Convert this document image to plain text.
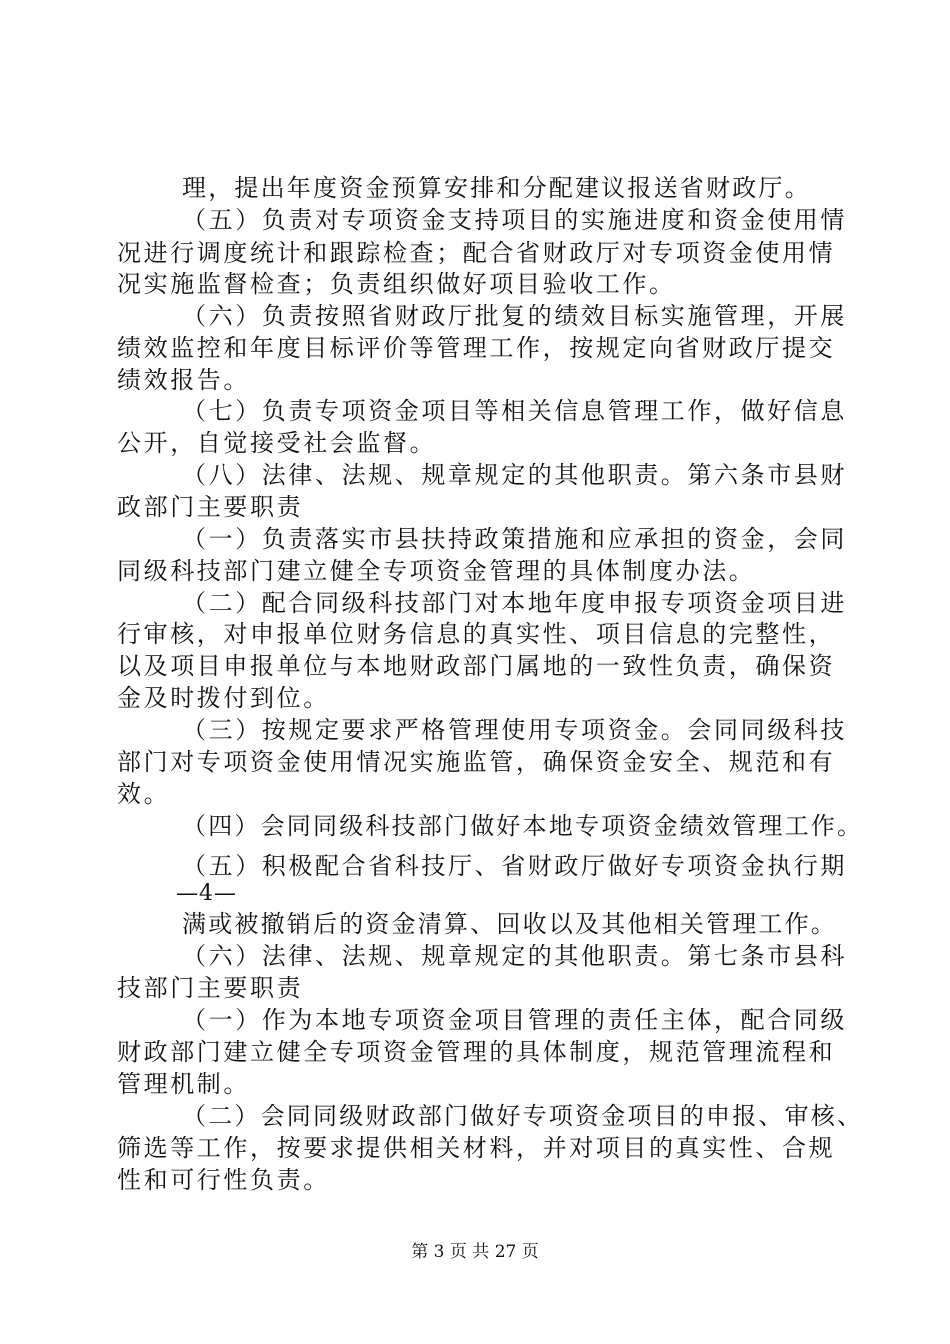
理，提出年度资金预算安排和分配建议报送省财政厅。
（五）负责对专项资金支持项目的实施进度和资金使用情
况进行调度统计和跟踪检查；配合省财政厅对专项资金使用情
况实施监督检查；负责组织做好项目验收工作。
（六）负责按照省财政厅批复的绩效目标实施管理，开展
绩效监控和年度目标评价等管理工作，按规定向省财政厅提交
绩效报告。
（七）负责专项资金项目等相关信息管理工作，做好信息
公开，自觉接受社会监督。
（八）法律、法规、规章规定的其他职责。第六条市县财
政部门主要职责
（一）负责落实市县扶持政策措施和应承担的资金，会同
同级科技部门建立健全专项资金管理的具体制度办法。
（二）配合同级科技部门对本地年度申报专项资金项目进
行审核，对申报单位财务信息的真实性、项目信息的完整性，
以及项目申报单位与本地财政部门属地的一致性负责，确保资
金及时拨付到位。
（三）按规定要求严格管理使用专项资金。会同同级科技
部门对专项资金使用情况实施监管，确保资金安全、规范和有
效。
（四）会同同级科技部门做好本地专项资金绩效管理工作。
（五）积极配合省科技厅、省财政厅做好专项资金执行期
—4—
满或被撤销后的资金清算、回收以及其他相关管理工作。
（六）法律、法规、规章规定的其他职责。第七条市县科
技部门主要职责
（一）作为本地专项资金项目管理的责任主体，配合同级
财政部门建立健全专项资金管理的具体制度，规范管理流程和
管理机制。
（二）会同同级财政部门做好专项资金项目的申报、审核、
筛选等工作，按要求提供相关材料，并对项目的真实性、合规
性和可行性负责。
第 3 页 共 27 页
